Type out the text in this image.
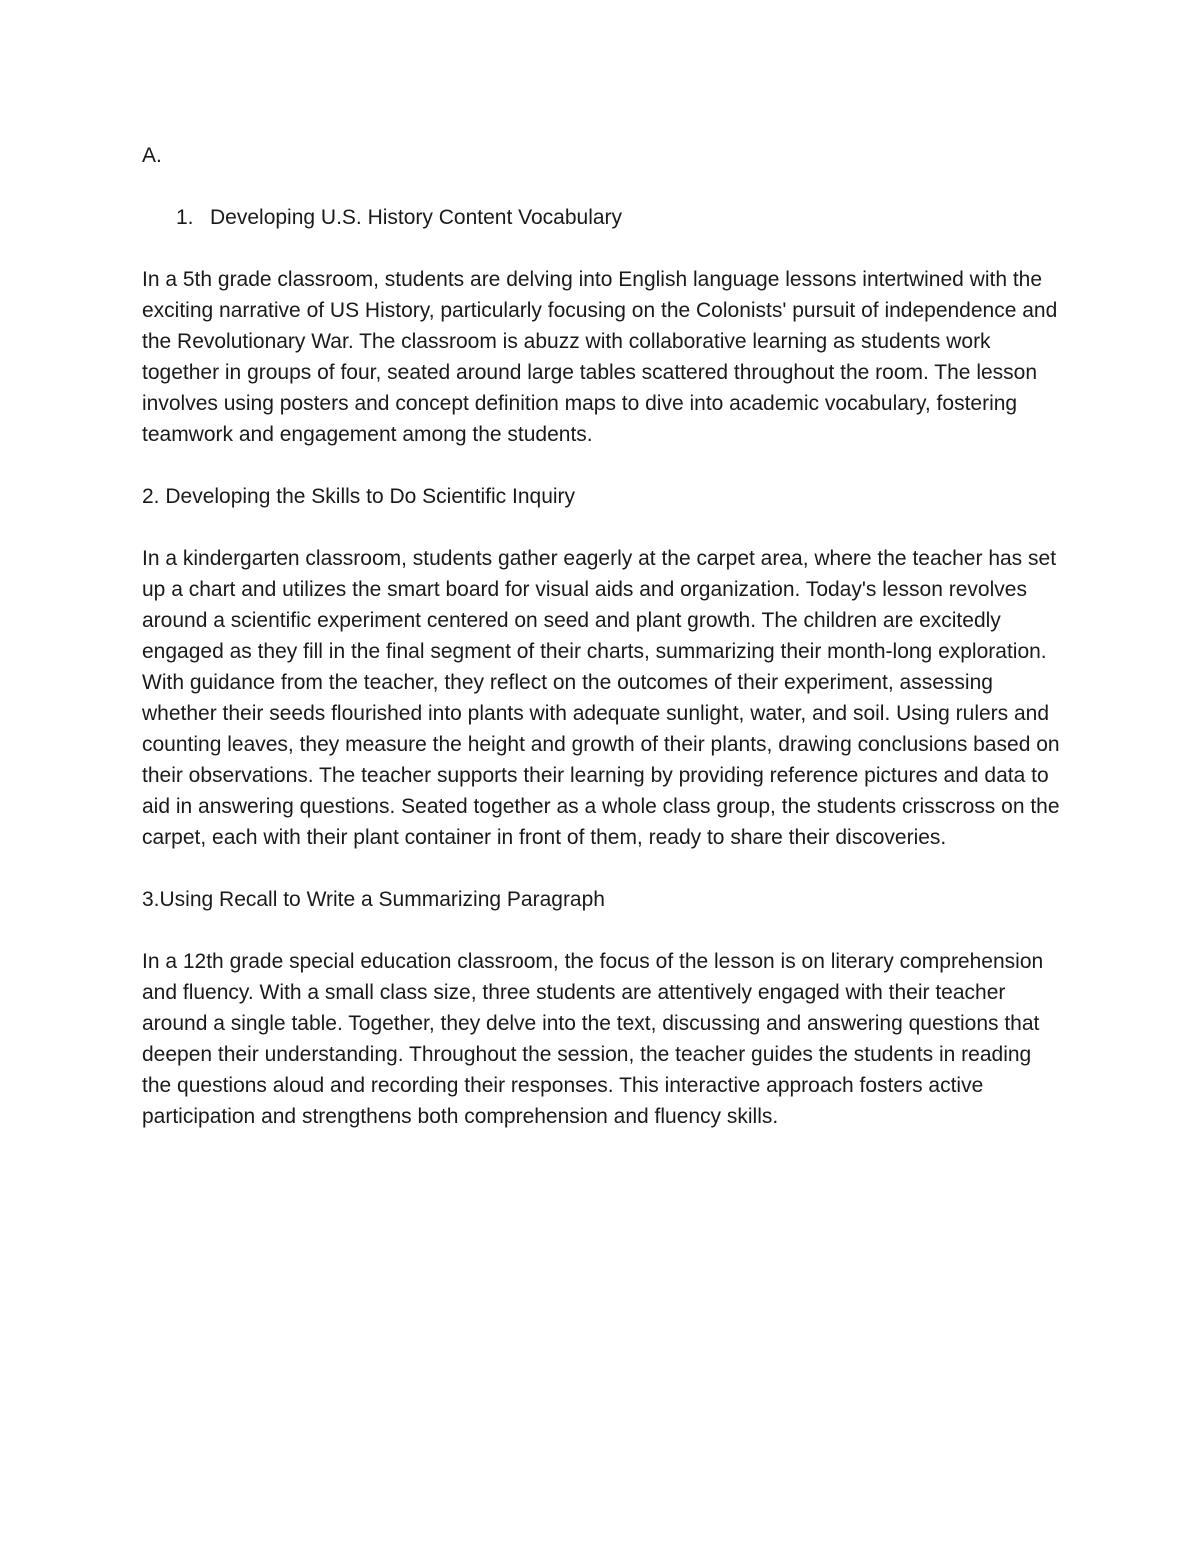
A.

1. Developing U.S. History Content Vocabulary

In a 5th grade classroom, students are delving into English language lessons intertwined with the exciting narrative of US History, particularly focusing on the Colonists' pursuit of independence and the Revolutionary War. The classroom is abuzz with collaborative learning as students work together in groups of four, seated around large tables scattered throughout the room. The lesson involves using posters and concept definition maps to dive into academic vocabulary, fostering teamwork and engagement among the students.

2. Developing the Skills to Do Scientific Inquiry

In a kindergarten classroom, students gather eagerly at the carpet area, where the teacher has set up a chart and utilizes the smart board for visual aids and organization. Today's lesson revolves around a scientific experiment centered on seed and plant growth. The children are excitedly engaged as they fill in the final segment of their charts, summarizing their month-long exploration. With guidance from the teacher, they reflect on the outcomes of their experiment, assessing whether their seeds flourished into plants with adequate sunlight, water, and soil. Using rulers and counting leaves, they measure the height and growth of their plants, drawing conclusions based on their observations. The teacher supports their learning by providing reference pictures and data to aid in answering questions. Seated together as a whole class group, the students crisscross on the carpet, each with their plant container in front of them, ready to share their discoveries.

3.Using Recall to Write a Summarizing Paragraph

In a 12th grade special education classroom, the focus of the lesson is on literary comprehension and fluency. With a small class size, three students are attentively engaged with their teacher around a single table. Together, they delve into the text, discussing and answering questions that deepen their understanding. Throughout the session, the teacher guides the students in reading the questions aloud and recording their responses. This interactive approach fosters active participation and strengthens both comprehension and fluency skills.
